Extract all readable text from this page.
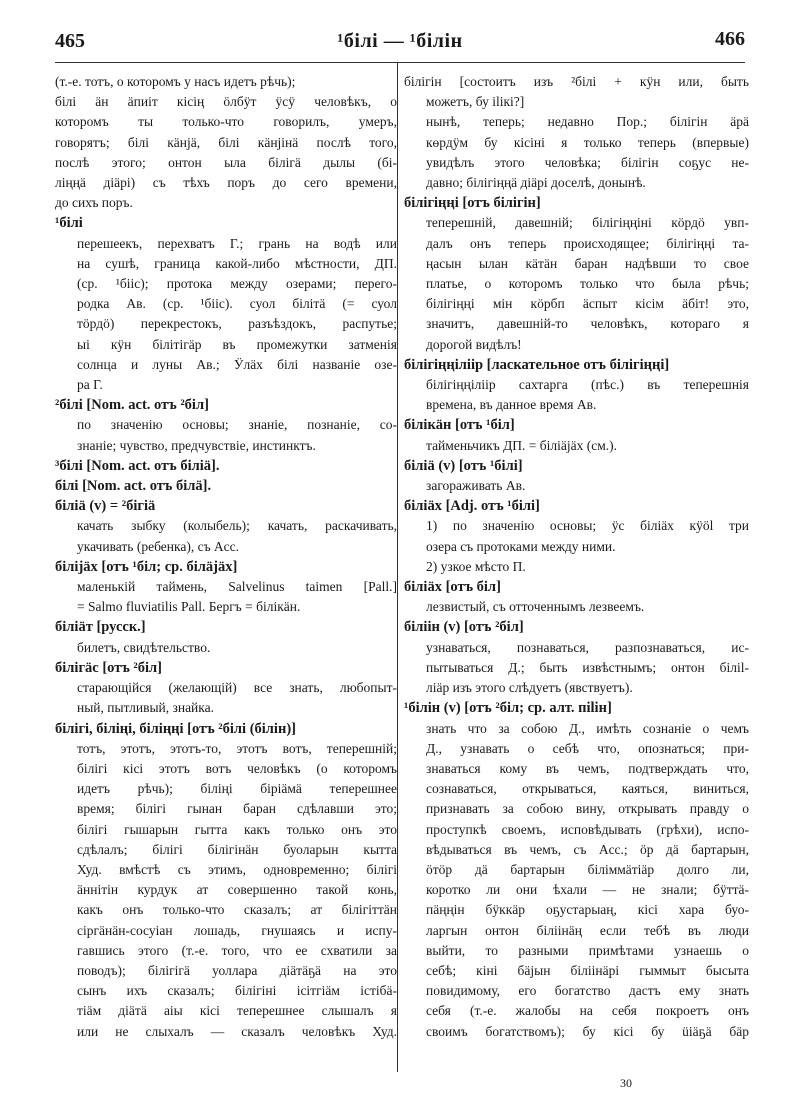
465	¹білі — ¹білін	466
(т.-е. тотъ, о которомъ у насъ идетъ рѣчь);
білі ӓн ӓпиіт кісің öлбÿт ӱсÿ человѣкъ, о
которомъ ты только-что говорилъ, умеръ,
говорятъ; білі кäнјä, білі кäнјінä послѣ того,
послѣ этого; онтон ыла білігä дылы (бі-
ліңңä діäрі) съ тѣхъ поръ до сего времени,
до сихъ поръ.
¹білі
перешеекъ, перехватъ Г.; грань на водѣ или
на сушѣ, граница какой-либо мѣстности, ДП.
(ср. ¹біiс); протока между озерами; перего-
родка Ав. (ср. ¹біiс). суол білітä (= суол
тöрдö) перекрестокъ, разъѣздокъ, распутье;
ыі кÿн білітігäр въ промежутки затменія
солнца и луны Ав.; Ӱлäх білі названіе озе-
ра Г.
²білі [Nom. act. отъ ²біл]
по значенію основы; знаніе, познаніе, со-
знаніе; чувство, предчувствіе, инстинктъ.
³білі [Nom. act. отъ біліä].
білі [Nom. act. отъ білä].
біліä (v) = ²бігіä
качать зыбку (колыбель); качать, раскачивать,
укачивать (ребенка), съ Acc.
біліјäх [отъ ¹біл; ср. білäјäх]
маленькій таймень, Salvelinus taimen [Pall.]
= Salmo fluviatilis Pall. Бергъ = білікäн.
біліäт [русск.]
билетъ, свидѣтельство.
білігäс [отъ ²біл]
старающійся (желающій) все знать, любопыт-
ный, пытливый, знайка.
білігі, біліңі, біліңңі [отъ ²білі (білін)]
тотъ, этотъ, этотъ-то, этотъ вотъ, теперешній;
білігі кісі этотъ вотъ человѣкъ (о которомъ
идетъ рѣчь); біліңі біріäмä теперешнее
время; білігі гынан баран сдѣлавши это;
білігі гышарын гытта какъ только онъ это
сдѣлалъ; білігі білігінäн буоларын кытта
Худ. вмѣстѣ съ этимъ, одновременно; білігі
ӓннітін курдук ат совершенно такой конь,
какъ онъ только-что сказалъ; ат білігіттäн
сіргäнäн-сосуіан лошадь, гнушаясь и испу-
гавшись этого (т.-е. того, что ее схватили за
поводъ); білігігä уоллара діäтäҕä на это
сынъ ихъ сказалъ; білігіні ісітгіäм істібä-
тіäм діäтä аіы кісі теперешнее слышалъ я
или не слыхалъ — сказалъ человѣкъ Худ.
білігін [состоитъ изъ ²білі + кÿн или, быть
можетъ, бу ilікі?]
нынѣ, теперь; недавно Пор.; білігін äрä
көрдÿм бу кісіні я только теперь (впервые)
увидѣлъ этого человѣка; білігін соҕус не-
давно; білігіңңä діäрі доселѣ, донынѣ.
білігіңңі [отъ білігін]
теперешній, давешній; білігіңңіні кöрдö увп-
далъ онъ теперь происходящее; білігіңңі та-
ңасын ылан кäтäн баран надѣвши то свое
платье, о которомъ только что была рѣчь;
білігіңңі мін кöрбп äспыт кісім äбіт! это,
значитъ, давешній-то человѣкъ, котораго я
дорогой видѣлъ!
білігіңңіліір [ласкательное отъ білігіңңі]
білігіңңіліір сахтарга (пѣс.) въ теперешнія
времена, въ данное время Ав.
білікäн [отъ ¹біл]
тайменьчикъ ДП. = біліäјäх (см.).
біліä (v) [отъ ¹білі]
загораживать Ав.
біліäх [Adj. отъ ¹білі]
1) по значенію основы; ӱс біліäх кÿöl три
озера съ протоками между ними.
2) узкое мѣсто П.
біліäх [отъ біл]
лезвистый, съ отточеннымъ лезвеемъ.
біліін (v) [отъ ²біл]
узнаваться, познаваться, разпознаваться, ис-
пытываться Д.; быть извѣстнымъ; онтон біліl-
ліäр изъ этого слѣдуетъ (явствуетъ).
¹білін (v) [отъ ²біл; ср. алт. пiliн]
знать что за собою Д., имѣть сознаніе о чемъ
Д., узнавать о себѣ что, опознаться; при-
знаваться кому въ чемъ, подтверждать что,
сознаваться, открываться, каяться, виниться,
признавать за собою вину, открывать правду о
проступкѣ своемъ, исповѣдывать (грѣхи), испо-
вѣдываться въ чемъ, съ Acc.; öр дä бартарын,
öтöр дä бартарын біліммäтiäр долго ли,
коротко ли они ѣхали — не знали; бÿттä-
пäңңін бÿккäр оҕустарыаң, кісі хара буо-
ларгын онтон біліінäң если тебѣ въ люди
выйти, то разными примѣтами узнаешь о
себѣ; кіні бäјын біліінäрі гыммыт бысыта
повидимому, его богатство дастъ ему знать
себя (т.-е. жалобы на себя покроетъ онъ
своимъ богатствомъ); бу кісі бу üiäҕä бäр
30
